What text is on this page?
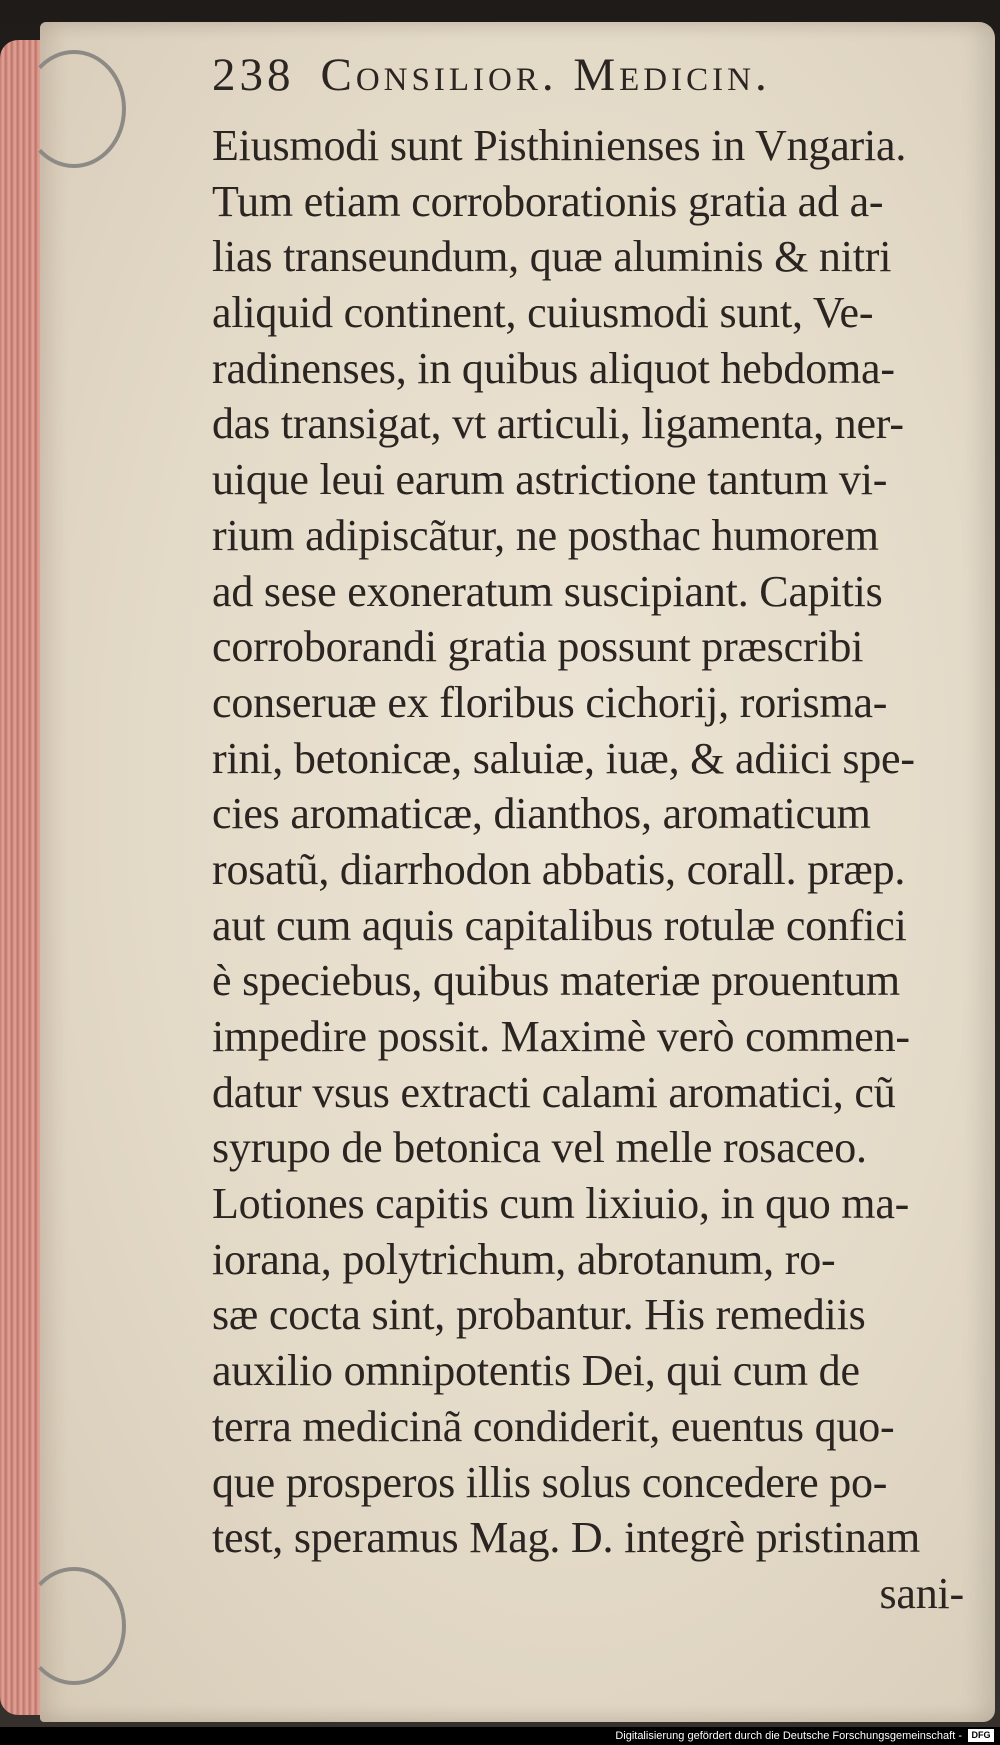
238 Consilior. Medicin.
Eiusmodi sunt Pisthinienses in Vngaria.
Tum etiam corroborationis gratia ad a-
lias transeundum, quæ aluminis & nitri
aliquid continent, cuiusmodi sunt, Ve-
radinenses, in quibus aliquot hebdoma-
das transigat, vt articuli, ligamenta, ner-
uique leui earum astrictione tantum vi-
rium adipiscãtur, ne posthac humorem
ad sese exoneratum suscipiant. Capitis
corroborandi gratia possunt præscribi
conseruæ ex floribus cichorij, rorisma-
rini, betonicæ, saluiæ, iuæ, & adiici spe-
cies aromaticæ, dianthos, aromaticum
rosatũ, diarrhodon abbatis, corall. præp.
aut cum aquis capitalibus rotulæ confici
è speciebus, quibus materiæ prouentum
impedire possit. Maximè verò commen-
datur vsus extracti calami aromatici, cũ
syrupo de betonica vel melle rosaceo.
Lotiones capitis cum lixiuio, in quo ma-
iorana, polytrichum, abrotanum, ro-
sæ cocta sint, probantur. His remediis
auxilio omnipotentis Dei, qui cum de
terra medicinã condiderit, euentus quo-
que prosperos illis solus concedere po-
test, speramus Mag. D. integrè pristinam
sani-
Digitalisierung gefördert durch die Deutsche Forschungsgemeinschaft - DFG
